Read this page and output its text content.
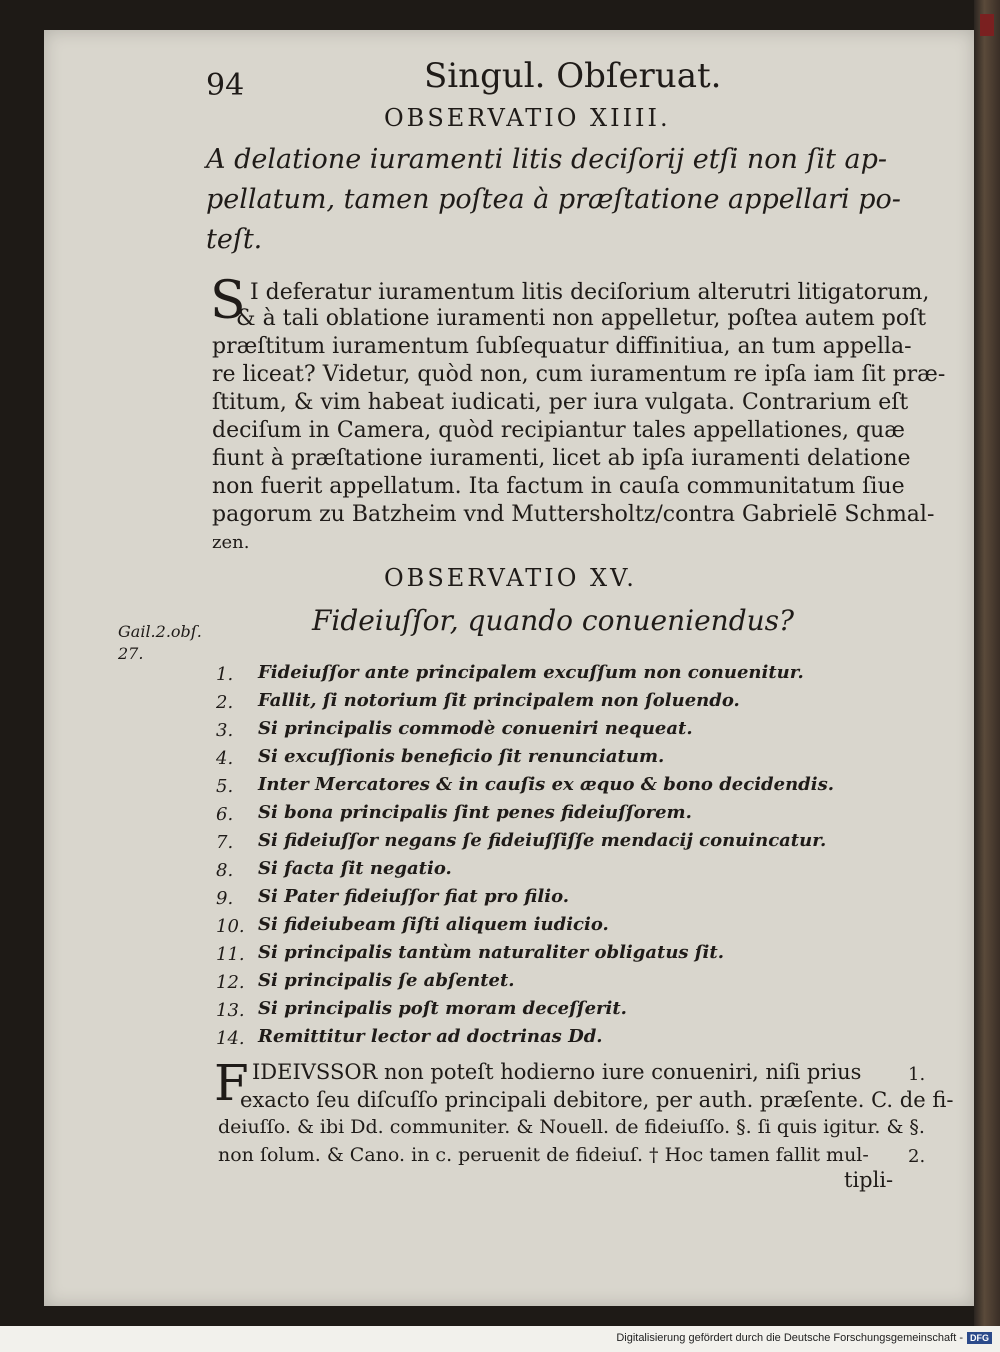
94	Singul. Obſeruat.
OBSERVATIO XIIII.
A delatione iuramenti litis deciſorij etſi non ſit ap-
pellatum, tamen poſtea à præſtatione appellari po-
teſt.
S I deferatur iuramentum litis deciſorium alterutri litigatorum,
& à tali oblatione iuramenti non appelletur, poſtea autem poſt
præſtitum iuramentum ſubſequatur diffinitiua, an tum appella-
re liceat? Videtur, quòd non, cum iuramentum re ipſa iam ſit præ-
ſtitum, & vim habeat iudicati, per iura vulgata. Contrarium eſt
deciſum in Camera, quòd recipiantur tales appellationes, quæ
fiunt à præſtatione iuramenti, licet ab ipſa iuramenti delatione
non fuerit appellatum. Ita factum in cauſa communitatum ſiue
pagorum zu Batzheim vnd Muttersholtz/contra Gabrielē Schmal-
zen.
OBSERVATIO XV.
Fideiuſſor, quando conueniendus?
Gail.2.obſ.
27.
1. Fideiuſſor ante principalem excuſſum non conuenitur.
2. Fallit, ſi notorium ſit principalem non ſoluendo.
3. Si principalis commodè conueniri nequeat.
4. Si excuſſionis beneficio ſit renunciatum.
5. Inter Mercatores & in cauſis ex æquo & bono decidendis.
6. Si bona principalis ſint penes fideiuſſorem.
7. Si fideiuſſor negans ſe fideiuſſiſſe mendacij conuincatur.
8. Si facta ſit negatio.
9. Si Pater fideiuſſor fiat pro filio.
10. Si fideiubeam ſiſti aliquem iudicio.
11. Si principalis tantùm naturaliter obligatus ſit.
12. Si principalis ſe abſentet.
13. Si principalis poſt moram deceſſerit.
14. Remittitur lector ad doctrinas Dd.
F IDEIVSSOR non poteſt hodierno iure conueniri, niſi prius
exacto ſeu diſcuſſo principali debitore, per auth. præſente. C. de fi-
deiuſſo. & ibi Dd. communiter. & Nouell. de fideiuſſo. §. ſi quis igitur. & §.
non ſolum. & Cano. in c. peruenit de fideiuſ. † Hoc tamen fallit mul-
tipli-
1.
2.
Digitalisierung gefördert durch die Deutsche Forschungsgemeinschaft - DFG
